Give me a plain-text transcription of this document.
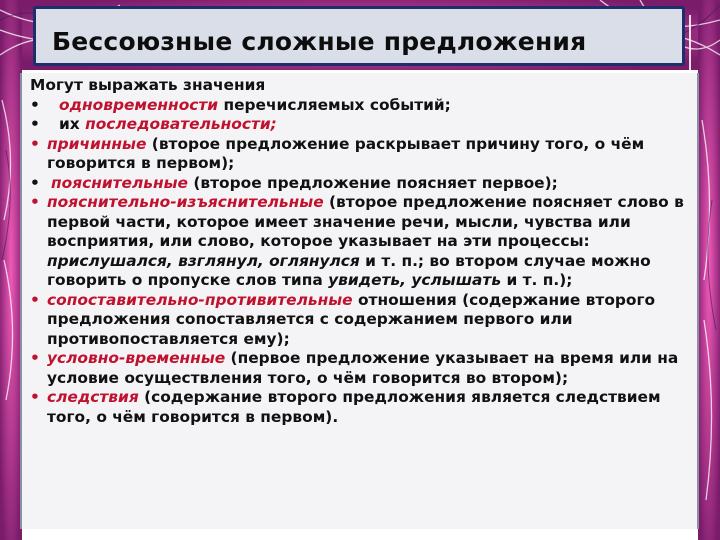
Бессоюзные сложные предложения
Могут выражать значения
• одновременности перечисляемых событий;
• их последовательности;
• причинные (второе предложение раскрывает причину того, о чём говорится в первом);
• пояснительные (второе предложение поясняет первое);
• пояснительно-изъяснительные (второе предложение поясняет слово в первой части, которое имеет значение речи, мысли, чувства или восприятия, или слово, которое указывает на эти процессы: прислушался, взглянул, оглянулся и т. п.; во втором случае можно говорить о пропуске слов типа увидеть, услышать и т. п.);
• сопоставительно-противительные отношения (содержание второго предложения сопоставляется с содержанием первого или противопоставляется ему);
• условно-временные (первое предложение указывает на время или на условие осуществления того, о чём говорится во втором);
• следствия (содержание второго предложения является следствием того, о чём говорится в первом).
